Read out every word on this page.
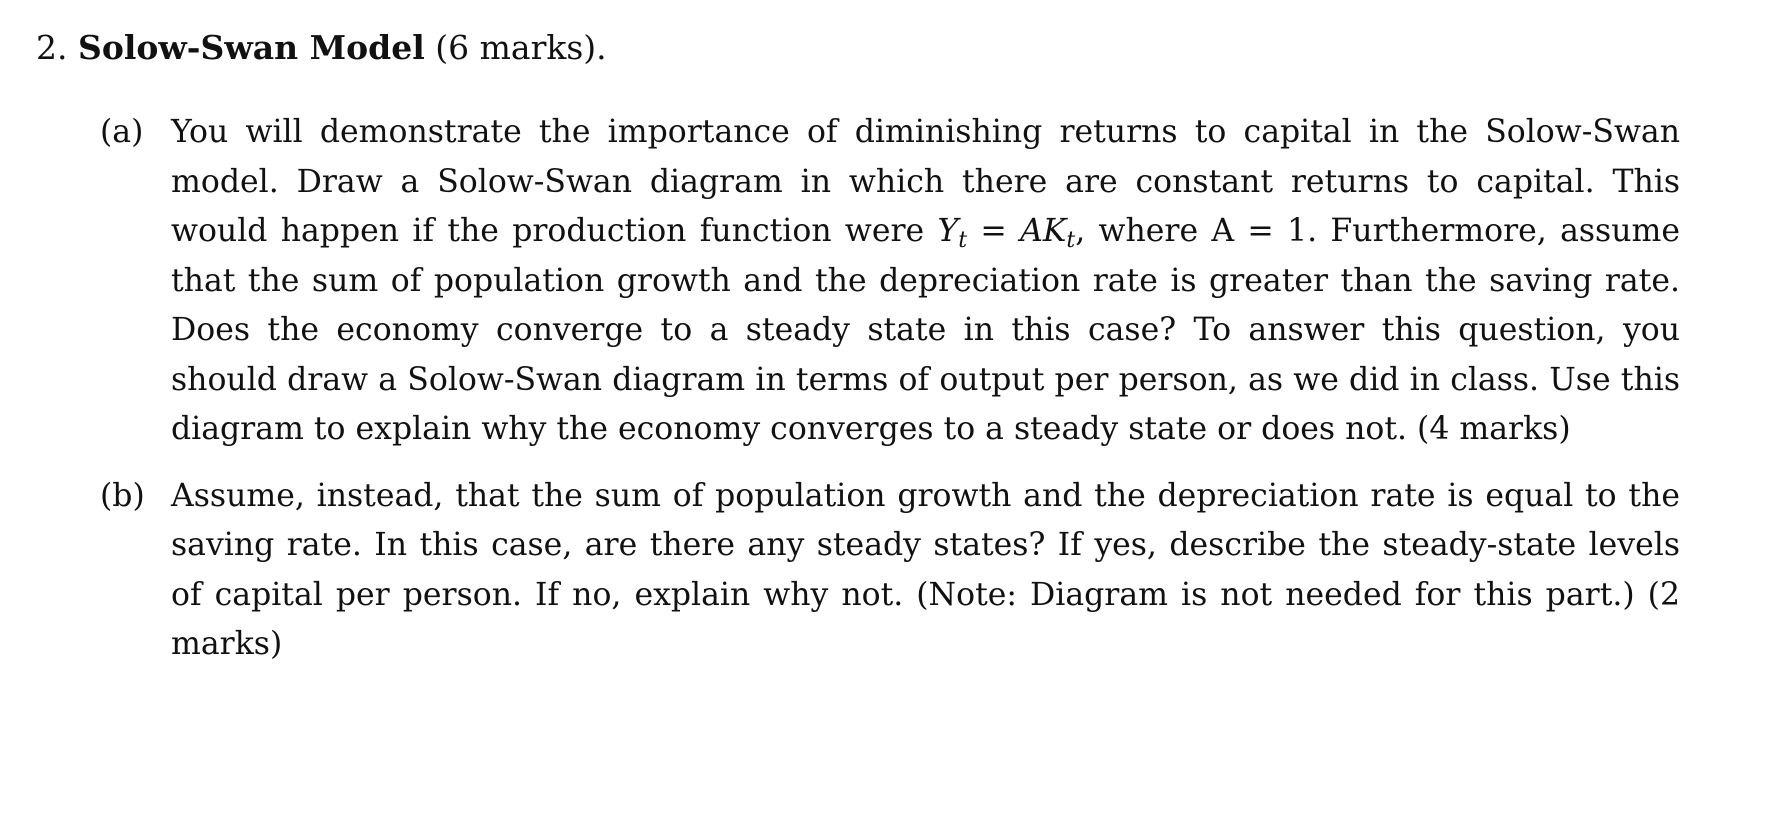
2. Solow-Swan Model (6 marks).
(a) You will demonstrate the importance of diminishing returns to capital in the Solow-Swan model. Draw a Solow-Swan diagram in which there are constant returns to capital. This would happen if the production function were $Y_t = AK_t$, where A = 1. Furthermore, assume that the sum of population growth and the depreciation rate is greater than the saving rate. Does the economy converge to a steady state in this case? To answer this question, you should draw a Solow-Swan diagram in terms of output per person, as we did in class. Use this diagram to explain why the economy converges to a steady state or does not. (4 marks)
(b) Assume, instead, that the sum of population growth and the depreciation rate is equal to the saving rate. In this case, are there any steady states? If yes, describe the steady-state levels of capital per person. If no, explain why not. (Note: Diagram is not needed for this part.) (2 marks)
